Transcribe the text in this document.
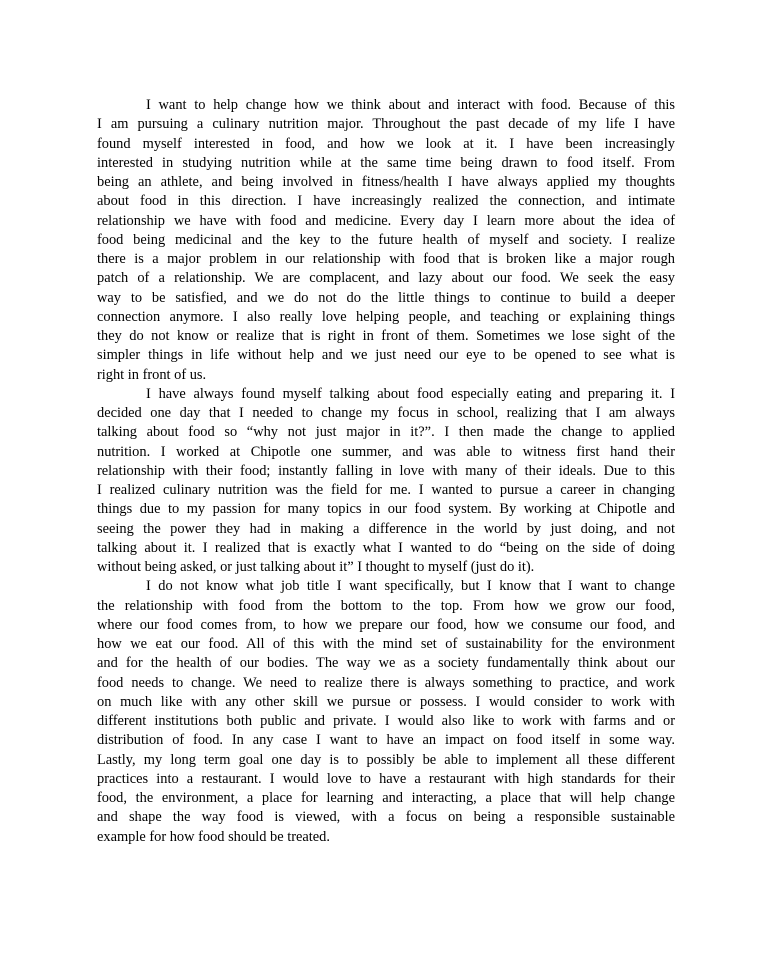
I want to help change how we think about and interact with food. Because of this
I am pursuing a culinary nutrition major. Throughout the past decade of my life I have
found myself interested in food, and how we look at it. I have been increasingly
interested in studying nutrition while at the same time being drawn to food itself. From
being an athlete, and being involved in fitness/health I have always applied my thoughts
about food in this direction. I have increasingly realized the connection, and intimate
relationship we have with food and medicine. Every day I learn more about the idea of
food being medicinal and the key to the future health of myself and society. I realize
there is a major problem in our relationship with food that is broken like a major rough
patch of a relationship. We are complacent, and lazy about our food. We seek the easy
way to be satisfied, and we do not do the little things to continue to build a deeper
connection anymore. I also really love helping people, and teaching or explaining things
they do not know or realize that is right in front of them. Sometimes we lose sight of the
simpler things in life without help and we just need our eye to be opened to see what is
right in front of us.
I have always found myself talking about food especially eating and preparing it. I
decided one day that I needed to change my focus in school, realizing that I am always
talking about food so “why not just major in it?”. I then made the change to applied
nutrition. I worked at Chipotle one summer, and was able to witness first hand their
relationship with their food; instantly falling in love with many of their ideals. Due to this
I realized culinary nutrition was the field for me. I wanted to pursue a career in changing
things due to my passion for many topics in our food system. By working at Chipotle and
seeing the power they had in making a difference in the world by just doing, and not
talking about it. I realized that is exactly what I wanted to do “being on the side of doing
without being asked, or just talking about it” I thought to myself (just do it).
I do not know what job title I want specifically, but I know that I want to change
the relationship with food from the bottom to the top. From how we grow our food,
where our food comes from, to how we prepare our food, how we consume our food, and
how we eat our food. All of this with the mind set of sustainability for the environment
and for the health of our bodies. The way we as a society fundamentally think about our
food needs to change. We need to realize there is always something to practice, and work
on much like with any other skill we pursue or possess. I would consider to work with
different institutions both public and private. I would also like to work with farms and or
distribution of food. In any case I want to have an impact on food itself in some way.
Lastly, my long term goal one day is to possibly be able to implement all these different
practices into a restaurant. I would love to have a restaurant with high standards for their
food, the environment, a place for learning and interacting, a place that will help change
and shape the way food is viewed, with a focus on being a responsible sustainable
example for how food should be treated.
